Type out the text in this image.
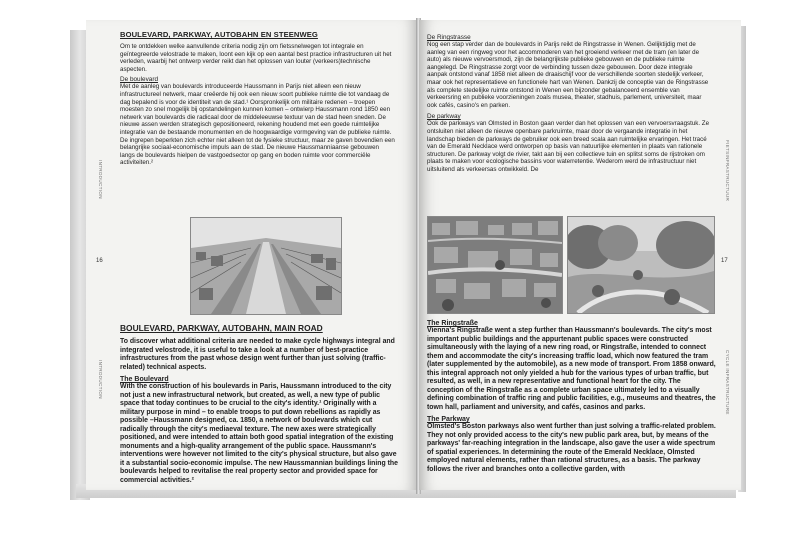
BOULEVARD, PARKWAY, AUTOBAHN EN STEENWEG

Om te ontdekken welke aanvullende criteria nodig zijn om fietssnelwegen tot integrale en geïntegreerde velostrade te maken, loont een kijk op een aantal best practice infrastructuren uit het verleden, waarbij het ontwerp verder reikt dan het oplossen van louter (verkeers)technische aspecten.

De boulevard

Met de aanleg van boulevards introduceerde Haussmann in Parijs niet alleen een nieuw infrastructureel netwerk, maar creëerde hij ook een nieuw soort publieke ruimte die tot vandaag de dag bepalend is voor de identiteit van de stad.¹ Oorspronkelijk om militaire redenen – troepen moesten zo snel mogelijk bij opstandelingen kunnen komen – ontwierp Haussmann rond 1850 een netwerk van boulevards die radicaal door de middeleeuwse textuur van de stad heen sneden. De nieuwe assen werden strategisch gepositioneerd, rekening houdend met een goede ruimtelijke integratie van de bestaande monumenten en de hoogwaardige vormgeving van de publieke ruimte. De ingrepen beperkten zich echter niet alleen tot de fysieke structuur, maar ze gaven bovendien een belangrijke sociaal-economische impuls aan de stad. De nieuwe Haussmanniaanse gebouwen langs de boulevards hielpen de vastgoedsector op gang en boden ruimte voor commerciële activiteiten.²

BOULEVARD, PARKWAY, AUTOBAHN, MAIN ROAD

To discover what additional criteria are needed to make cycle highways integral and integrated velostrode, it is useful to take a look at a number of best-practice infrastructures from the past whose design went further than just solving (traffic-related) technical aspects.

The Boulevard

With the construction of his boulevards in Paris, Haussmann introduced to the city not just a new infrastructural network, but created, as well, a new type of public space that today continues to be crucial to the city's identity.¹ Originally with a military purpose in mind – to enable troops to put down rebellions as rapidly as possible –Haussmann designed, ca. 1850, a network of boulevards which cut radically through the city's mediaeval texture. The new axes were strategically positioned, and were intended to attain both good spatial integration of the existing monuments and a high-quality arrangement of the public space. Haussmann's interventions were however not limited to the city's physical structure, but also gave it a substantial socio-economic impulse. The new Haussmannian buildings lining the boulevards helped to revitalise the real property sector and provided space for commercial activities.²

16
INTRODUCTION
INTRODUCTION
De Ringstrasse

Nog een stap verder dan de boulevards in Parijs reikt de Ringstrasse in Wenen. Gelijktijdig met de aanleg van een ringweg voor het accommoderen van het groeiend verkeer met de tram (en later de auto) als nieuwe vervoersmodi, zijn de belangrijkste publieke gebouwen en de publieke ruimte aangelegd. De Ringstrasse zorgt voor de verbinding tussen deze gebouwen. Door deze integrale aanpak ontstond vanaf 1858 niet alleen de draaischijf voor de verschillende soorten stedelijk verkeer, maar ook het representatieve en functionele hart van Wenen. Dankzij de conceptie van de Ringstrasse als complete stedelijke ruimte ontstond in Wenen een bijzonder gebalanceerd ensemble van verkeersring en publieke voorzieningen zoals musea, theater, stadhuis, parlement, universiteit, maar ook cafés, casino's en parken.

De parkway

Ook de parkways van Olmsted in Boston gaan verder dan het oplossen van een vervoersvraagstuk. Ze ontsluiten niet alleen de nieuwe openbare parkruimte, maar door de vergaande integratie in het landschap bieden de parkways de gebruiker ook een breed scala aan ruimtelijke ervaringen. Het tracé van de Emerald Necklace werd ontworpen op basis van natuurlijke elementen in plaats van rationele structuren. De parkway volgt de rivier, takt aan bij een collectieve tuin en splitst soms de rijstroken om plaats te maken voor ecologische bassins voor waterretentie. Wederom werd de infrastructuur niet uitsluitend als verkeersas ontwikkeld. De

The Ringstraße

Vienna's Ringstraße went a step further than Haussmann's boulevards. The city's most important public buildings and the appurtenant public spaces were constructed simultaneously with the laying of a new ring road, or Ringstraße, intended to connect them and accommodate the city's increasing traffic load, which now featured the tram (later supplemented by the automobile), as a new mode of transport. From 1858 onward, this integral approach not only yielded a hub for the various types of urban traffic, but resulted, as well, in a new representative and functional heart for the city. The conception of the Ringstraße as a complete urban space ultimately led to a visually defining combination of traffic ring and public facilities, e.g., museums and theatres, the town hall, parliament and university, and cafés, casinos and parks.

The Parkway

Olmsted's Boston parkways also went further than just solving a traffic-related problem. They not only provided access to the city's new public park area, but, by means of the parkways' far-reaching integration in the landscape, also gave the user a wide spectrum of spatial experiences. In determining the route of the Emerald Necklace, Olmsted employed natural elements, rather than rational structures, as a basis. The parkway follows the river and branches onto a collective garden, with

17
FIETSINFRASTRUCTUUR
CYCLE INFRASTRUCTURE
